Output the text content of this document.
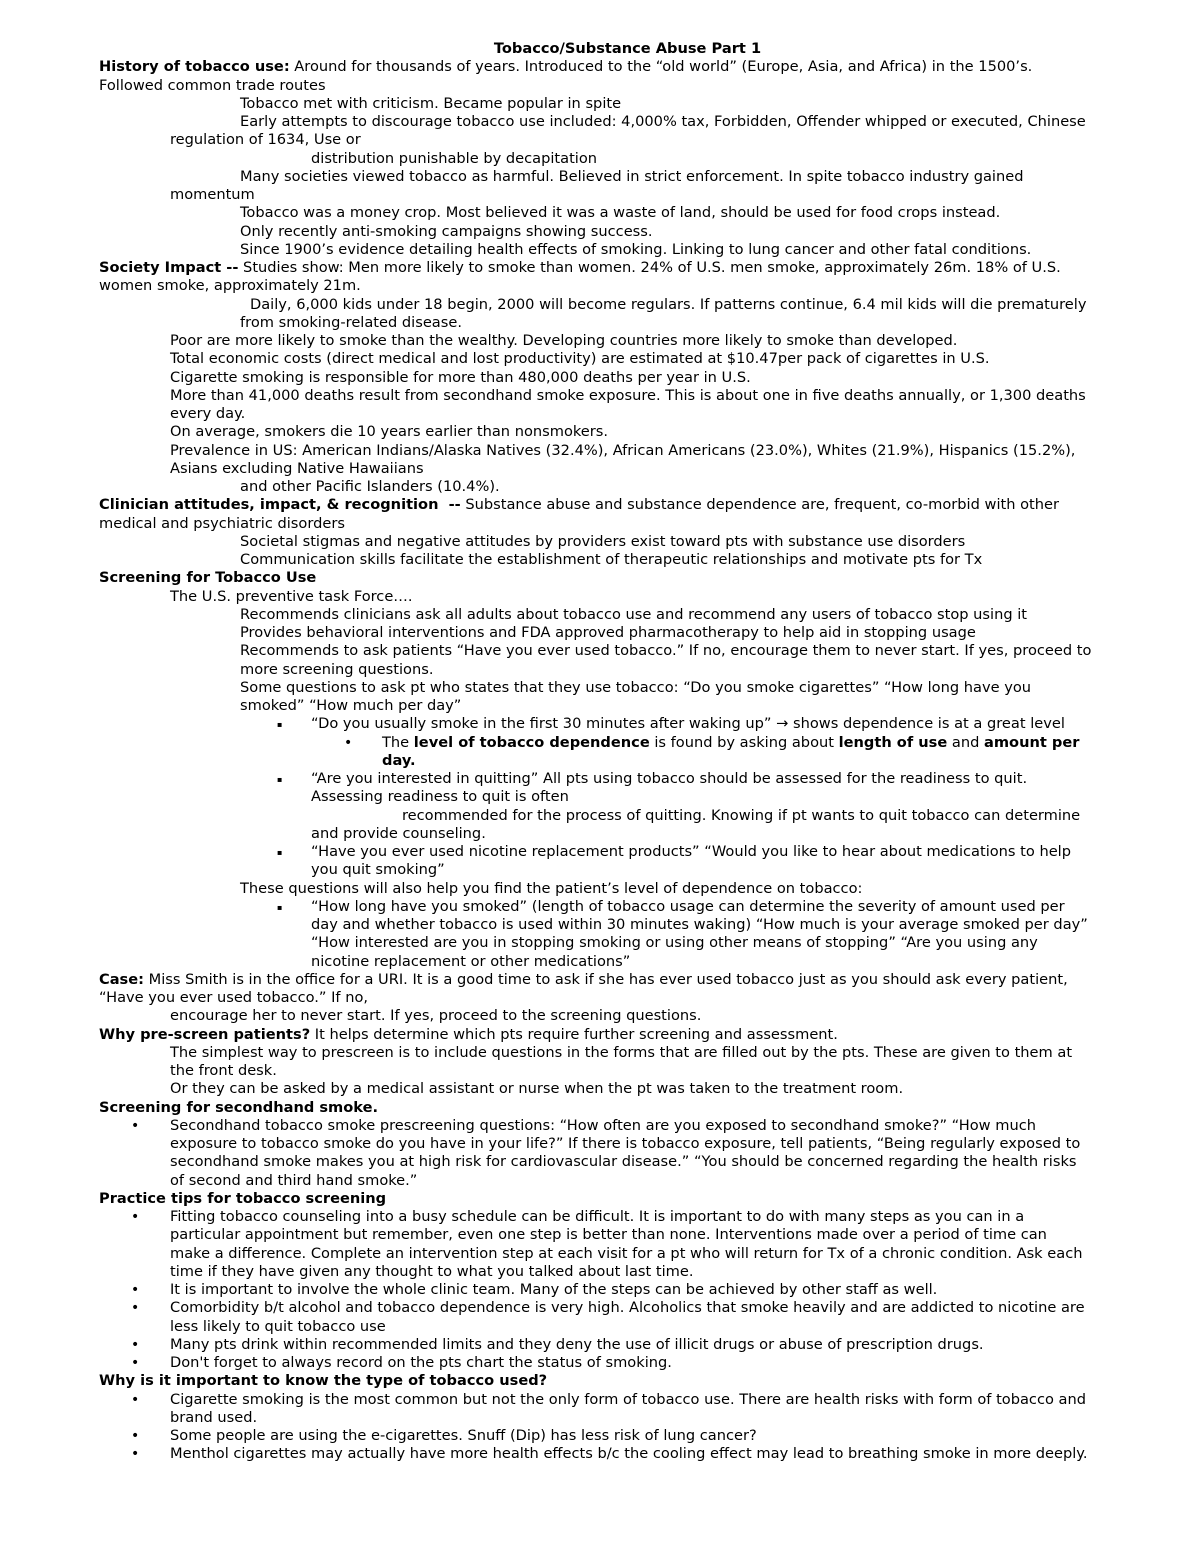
Tobacco/Substance Abuse Part 1
History of tobacco use: Around for thousands of years. Introduced to the “old world” (Europe, Asia, and Africa) in the 1500’s.
Followed common trade routes
Tobacco met with criticism. Became popular in spite
Early attempts to discourage tobacco use included: 4,000% tax, Forbidden, Offender whipped or executed, Chinese
regulation of 1634, Use or
distribution punishable by decapitation
Many societies viewed tobacco as harmful. Believed in strict enforcement. In spite tobacco industry gained
momentum
Tobacco was a money crop. Most believed it was a waste of land, should be used for food crops instead.
Only recently anti-smoking campaigns showing success.
Since 1900’s evidence detailing health effects of smoking. Linking to lung cancer and other fatal conditions.
Society Impact -- Studies show: Men more likely to smoke than women. 24% of U.S. men smoke, approximately 26m. 18% of U.S.
women smoke, approximately 21m.
Daily, 6,000 kids under 18 begin, 2000 will become regulars. If patterns continue, 6.4 mil kids will die prematurely
from smoking-related disease.
Poor are more likely to smoke than the wealthy. Developing countries more likely to smoke than developed.
Total economic costs (direct medical and lost productivity) are estimated at $10.47per pack of cigarettes in U.S.
Cigarette smoking is responsible for more than 480,000 deaths per year in U.S.
More than 41,000 deaths result from secondhand smoke exposure. This is about one in five deaths annually, or 1,300 deaths
every day.
On average, smokers die 10 years earlier than nonsmokers.
Prevalence in US: American Indians/Alaska Natives (32.4%), African Americans (23.0%), Whites (21.9%), Hispanics (15.2%),
Asians excluding Native Hawaiians
and other Pacific Islanders (10.4%).
Clinician attitudes, impact, & recognition  -- Substance abuse and substance dependence are, frequent, co-morbid with other
medical and psychiatric disorders
Societal stigmas and negative attitudes by providers exist toward pts with substance use disorders
Communication skills facilitate the establishment of therapeutic relationships and motivate pts for Tx
Screening for Tobacco Use
The U.S. preventive task Force….
Recommends clinicians ask all adults about tobacco use and recommend any users of tobacco stop using it
Provides behavioral interventions and FDA approved pharmacotherapy to help aid in stopping usage
Recommends to ask patients “Have you ever used tobacco.” If no, encourage them to never start. If yes, proceed to
more screening questions.
Some questions to ask pt who states that they use tobacco: “Do you smoke cigarettes” “How long have you
smoked” “How much per day”
▪ “Do you usually smoke in the first 30 minutes after waking up” → shows dependence is at a great level
• The level of tobacco dependence is found by asking about length of use and amount per
day.
▪ “Are you interested in quitting” All pts using tobacco should be assessed for the readiness to quit.
Assessing readiness to quit is often
recommended for the process of quitting. Knowing if pt wants to quit tobacco can determine
and provide counseling.
▪ “Have you ever used nicotine replacement products” “Would you like to hear about medications to help
you quit smoking”
These questions will also help you find the patient’s level of dependence on tobacco:
▪ “How long have you smoked” (length of tobacco usage can determine the severity of amount used per
day and whether tobacco is used within 30 minutes waking) “How much is your average smoked per day”
“How interested are you in stopping smoking or using other means of stopping” “Are you using any
nicotine replacement or other medications”
Case: Miss Smith is in the office for a URI. It is a good time to ask if she has ever used tobacco just as you should ask every patient,
“Have you ever used tobacco.” If no,
encourage her to never start. If yes, proceed to the screening questions.
Why pre-screen patients? It helps determine which pts require further screening and assessment.
The simplest way to prescreen is to include questions in the forms that are filled out by the pts. These are given to them at
the front desk.
Or they can be asked by a medical assistant or nurse when the pt was taken to the treatment room.
Screening for secondhand smoke.
• Secondhand tobacco smoke prescreening questions: “How often are you exposed to secondhand smoke?” “How much
exposure to tobacco smoke do you have in your life?” If there is tobacco exposure, tell patients, “Being regularly exposed to
secondhand smoke makes you at high risk for cardiovascular disease.” “You should be concerned regarding the health risks
of second and third hand smoke.”
Practice tips for tobacco screening
• Fitting tobacco counseling into a busy schedule can be difficult. It is important to do with many steps as you can in a
particular appointment but remember, even one step is better than none. Interventions made over a period of time can
make a difference. Complete an intervention step at each visit for a pt who will return for Tx of a chronic condition. Ask each
time if they have given any thought to what you talked about last time.
• It is important to involve the whole clinic team. Many of the steps can be achieved by other staff as well.
• Comorbidity b/t alcohol and tobacco dependence is very high. Alcoholics that smoke heavily and are addicted to nicotine are
less likely to quit tobacco use
• Many pts drink within recommended limits and they deny the use of illicit drugs or abuse of prescription drugs.
• Don't forget to always record on the pts chart the status of smoking.
Why is it important to know the type of tobacco used?
• Cigarette smoking is the most common but not the only form of tobacco use. There are health risks with form of tobacco and
brand used.
• Some people are using the e-cigarettes. Snuff (Dip) has less risk of lung cancer?
• Menthol cigarettes may actually have more health effects b/c the cooling effect may lead to breathing smoke in more deeply.
